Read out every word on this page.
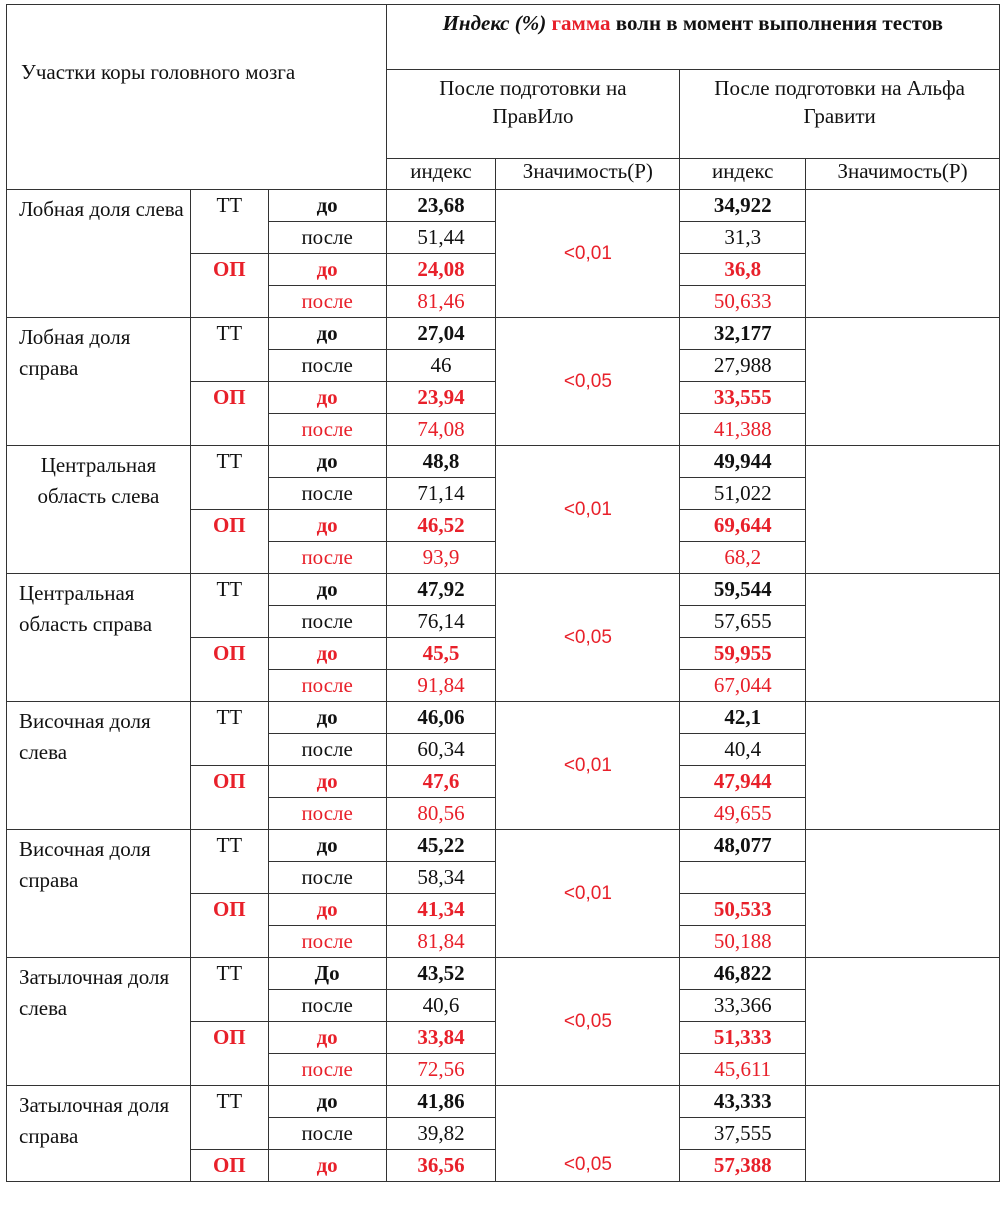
Участки коры головного мозга			Индекс (%) гамма волн в момент выполнения тестов			
			После подготовки на ПравИло		После подготовки на Альфа Гравити	
			индекс	Значимость(Р)	индекс	Значимость(Р)
Лобная доля слева	ТТ	до	23,68	<0,01	34,922	
		после	51,44		31,3	
	ОП	до	24,08		36,8	
		после	81,46		50,633	
Лобная доля справа	ТТ	до	27,04	<0,05	32,177	
		после	46		27,988	
	ОП	до	23,94		33,555	
		после	74,08		41,388	
Центральная область слева	ТТ	до	48,8	<0,01	49,944	
		после	71,14		51,022	
	ОП	до	46,52		69,644	
		после	93,9		68,2	
Центральная область справа	ТТ	до	47,92	<0,05	59,544	
		после	76,14		57,655	
	ОП	до	45,5		59,955	
		после	91,84		67,044	
Височная доля слева	ТТ	до	46,06	<0,01	42,1	
		после	60,34		40,4	
	ОП	до	47,6		47,944	
		после	80,56		49,655	
Височная доля справа	ТТ	до	45,22	<0,01	48,077	
		после	58,34			
	ОП	до	41,34		50,533	
		после	81,84		50,188	
Затылочная доля слева	ТТ	До	43,52	<0,05	46,822	
		после	40,6		33,366	
	ОП	до	33,84		51,333	
		после	72,56		45,611	
Затылочная доля справа	ТТ	до	41,86	<0,05	43,333	
		после	39,82		37,555	
	ОП	до	36,56		57,388	
